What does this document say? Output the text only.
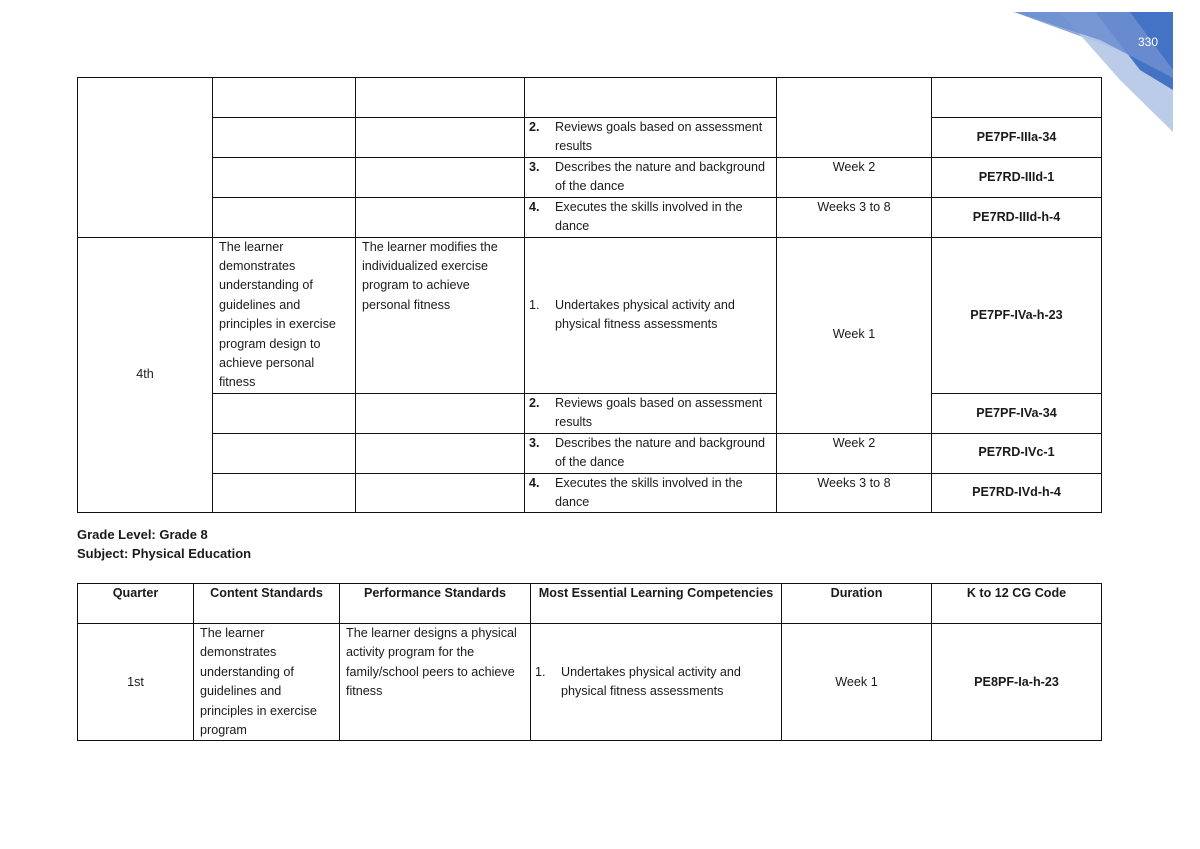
330

			2. Reviews goals based on assessment results		PE7PF-IIIa-34
			3. Describes the nature and background of the dance	Week 2	PE7RD-IIId-1
			4. Executes the skills involved in the dance	Weeks 3 to 8	PE7RD-IIId-h-4
4th	The learner demonstrates understanding of guidelines and principles in exercise program design to achieve personal fitness	The learner modifies the individualized exercise program to achieve personal fitness	1. Undertakes physical activity and physical fitness assessments	Week 1	PE7PF-IVa-h-23
			2. Reviews goals based on assessment results		PE7PF-IVa-34
			3. Describes the nature and background of the dance	Week 2	PE7RD-IVc-1
			4. Executes the skills involved in the dance	Weeks 3 to 8	PE7RD-IVd-h-4
Grade Level: Grade 8
Subject: Physical Education
Quarter	Content Standards	Performance Standards	Most Essential Learning Competencies	Duration	K to 12 CG Code
1st	The learner demonstrates understanding of guidelines and principles in exercise program	The learner designs a physical activity program for the family/school peers to achieve fitness	1. Undertakes physical activity and physical fitness assessments	Week 1	PE8PF-Ia-h-23
